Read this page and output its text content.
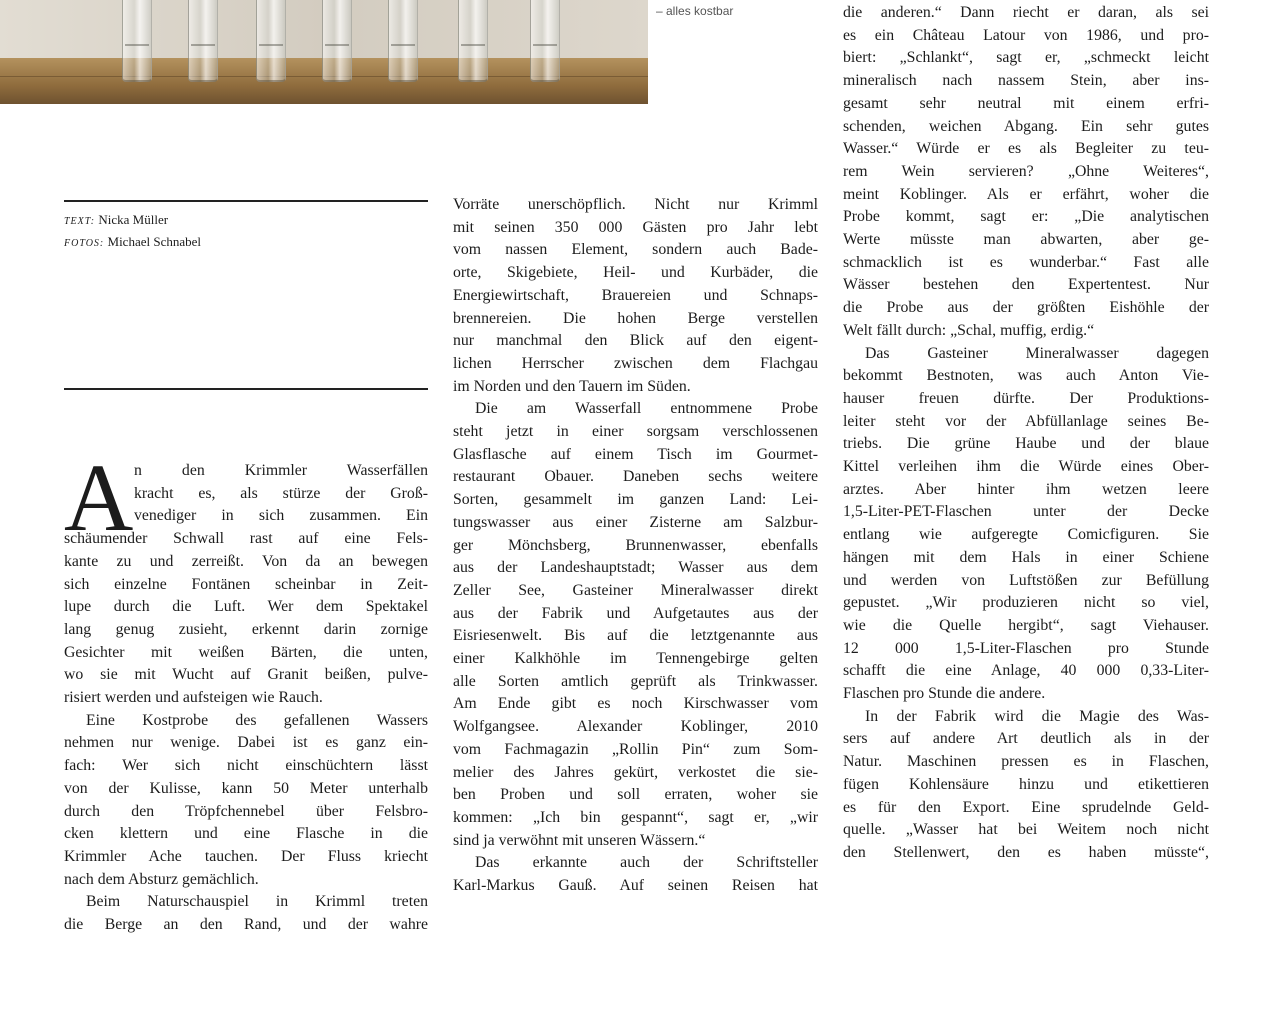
– alles kostbar
TEXT: Nicka Müller
FOTOS: Michael Schnabel
A n den Krimmler Wasserfällen
kracht es, als stürze der Groß-
venediger in sich zusammen. Ein
schäumender Schwall rast auf eine Fels-
kante zu und zerreißt. Von da an bewegen
sich einzelne Fontänen scheinbar in Zeit-
lupe durch die Luft. Wer dem Spektakel
lang genug zusieht, erkennt darin zornige
Gesichter mit weißen Bärten, die unten,
wo sie mit Wucht auf Granit beißen, pulve-
risiert werden und aufsteigen wie Rauch.
Eine Kostprobe des gefallenen Wassers
nehmen nur wenige. Dabei ist es ganz ein-
fach: Wer sich nicht einschüchtern lässt
von der Kulisse, kann 50 Meter unterhalb
durch den Tröpfchennebel über Felsbro-
cken klettern und eine Flasche in die
Krimmler Ache tauchen. Der Fluss kriecht
nach dem Absturz gemächlich.
Beim Naturschauspiel in Krimml treten
die Berge an den Rand, und der wahre
Vorräte unerschöpflich. Nicht nur Krimml
mit seinen 350 000 Gästen pro Jahr lebt
vom nassen Element, sondern auch Bade-
orte, Skigebiete, Heil- und Kurbäder, die
Energiewirtschaft, Brauereien und Schnaps-
brennereien. Die hohen Berge verstellen
nur manchmal den Blick auf den eigent-
lichen Herrscher zwischen dem Flachgau
im Norden und den Tauern im Süden.
Die am Wasserfall entnommene Probe
steht jetzt in einer sorgsam verschlossenen
Glasflasche auf einem Tisch im Gourmet-
restaurant Obauer. Daneben sechs weitere
Sorten, gesammelt im ganzen Land: Lei-
tungswasser aus einer Zisterne am Salzbur-
ger Mönchsberg, Brunnenwasser, ebenfalls
aus der Landeshauptstadt; Wasser aus dem
Zeller See, Gasteiner Mineralwasser direkt
aus der Fabrik und Aufgetautes aus der
Eisriesenwelt. Bis auf die letztgenannte aus
einer Kalkhöhle im Tennengebirge gelten
alle Sorten amtlich geprüft als Trinkwasser.
Am Ende gibt es noch Kirschwasser vom
Wolfgangsee. Alexander Koblinger, 2010
vom Fachmagazin „Rollin Pin“ zum Som-
melier des Jahres gekürt, verkostet die sie-
ben Proben und soll erraten, woher sie
kommen: „Ich bin gespannt“, sagt er, „wir
sind ja verwöhnt mit unseren Wässern.“
Das erkannte auch der Schriftsteller
Karl-Markus Gauß. Auf seinen Reisen hat
die anderen.“ Dann riecht er daran, als sei
es ein Château Latour von 1986, und pro-
biert: „Schlankt“, sagt er, „schmeckt leicht
mineralisch nach nassem Stein, aber ins-
gesamt sehr neutral mit einem erfri-
schenden, weichen Abgang. Ein sehr gutes
Wasser.“ Würde er es als Begleiter zu teu-
rem Wein servieren? „Ohne Weiteres“,
meint Koblinger. Als er erfährt, woher die
Probe kommt, sagt er: „Die analytischen
Werte müsste man abwarten, aber ge-
schmacklich ist es wunderbar.“ Fast alle
Wässer bestehen den Expertentest. Nur
die Probe aus der größten Eishöhle der
Welt fällt durch: „Schal, muffig, erdig.“
Das Gasteiner Mineralwasser dagegen
bekommt Bestnoten, was auch Anton Vie-
hauser freuen dürfte. Der Produktions-
leiter steht vor der Abfüllanlage seines Be-
triebs. Die grüne Haube und der blaue
Kittel verleihen ihm die Würde eines Ober-
arztes. Aber hinter ihm wetzen leere
1,5-Liter-PET-Flaschen unter der Decke
entlang wie aufgeregte Comicfiguren. Sie
hängen mit dem Hals in einer Schiene
und werden von Luftstößen zur Befüllung
gepustet. „Wir produzieren nicht so viel,
wie die Quelle hergibt“, sagt Viehauser.
12 000 1,5-Liter-Flaschen pro Stunde
schafft die eine Anlage, 40 000 0,33-Liter-
Flaschen pro Stunde die andere.
In der Fabrik wird die Magie des Was-
sers auf andere Art deutlich als in der
Natur. Maschinen pressen es in Flaschen,
fügen Kohlensäure hinzu und etikettieren
es für den Export. Eine sprudelnde Geld-
quelle. „Wasser hat bei Weitem noch nicht
den Stellenwert, den es haben müsste“,
